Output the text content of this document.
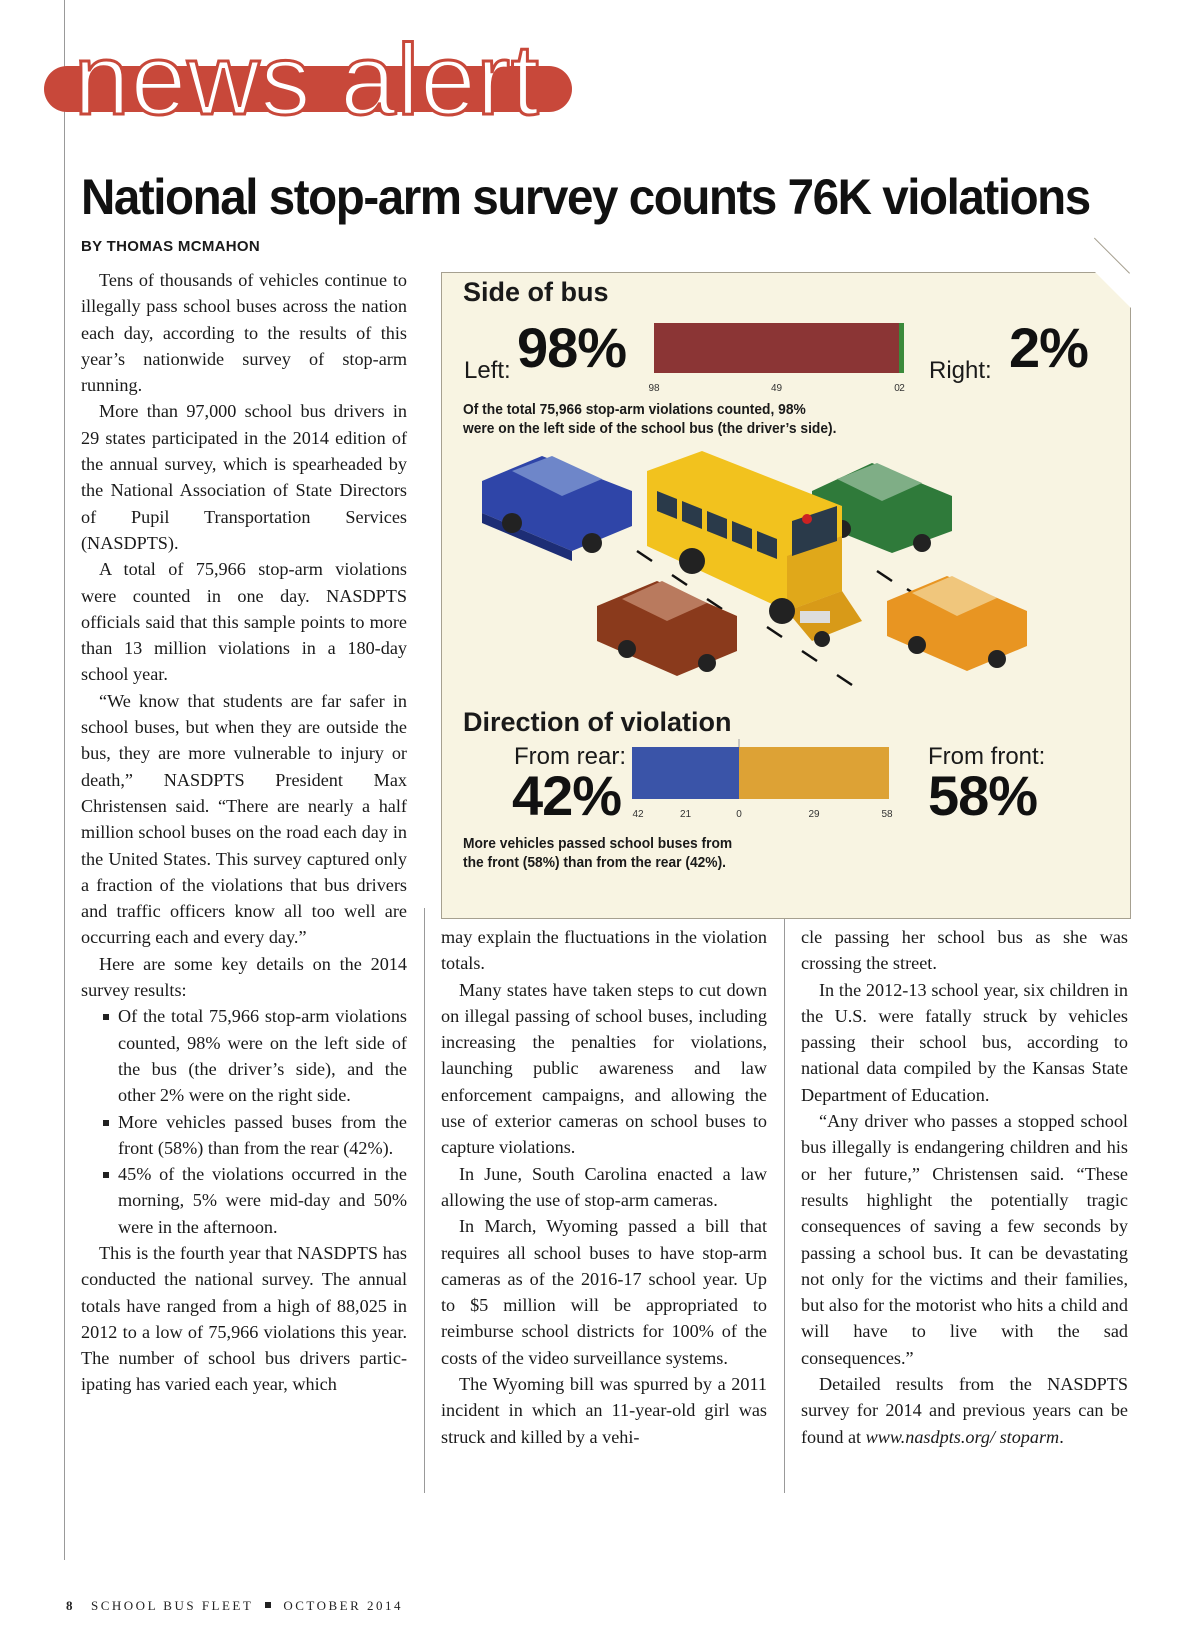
news alert
National stop-arm survey counts 76K violations
BY THOMAS MCMAHON

Tens of thousands of vehicles continue to illegally pass school buses across the nation each day, according to the results of this year’s nationwide survey of stop-arm running.

More than 97,000 school bus drivers in 29 states participated in the 2014 edition of the annual survey, which is spearheaded by the National Association of State Directors of Pupil Transportation Services (NASDPTS).

A total of 75,966 stop-arm violations were counted in one day. NASDPTS officials said that this sample points to more than 13 million violations in a 180-day school year.

“We know that students are far safer in school buses, but when they are outside the bus, they are more vulnerable to injury or death,” NASDPTS President Max Christensen said. “There are nearly a half million school buses on the road each day in the United States. This survey captured only a fraction of the violations that bus drivers and traffic officers know all too well are occurring each and every day.”

Here are some key details on the 2014 survey results:

Of the total 75,966 stop-arm violations counted, 98% were on the left side of the bus (the driver’s side), and the other 2% were on the right side.
More vehicles passed buses from the front (58%) than from the rear (42%).
45% of the violations occurred in the morning, 5% were mid-day and 50% were in the afternoon.

This is the fourth year that NASDPTS has conducted the national survey. The annual totals have ranged from a high of 88,025 in 2012 to a low of 75,966 violations this year. The number of school bus drivers participating has varied each year, which

Side of bus
Left: 98%	Right: 2%
98	49	0 2
Of the total 75,966 stop-arm violations counted, 98%
were on the left side of the school bus (the driver’s side).
Direction of violation
From rear:
42%
From front:
58%
42	21	0	29	58
More vehicles passed school buses from
the front (58%) than from the rear (42%).

may explain the fluctuations in the violation totals.

Many states have taken steps to cut down on illegal passing of school buses, including increasing the penalties for violations, launching public awareness and law enforcement campaigns, and allowing the use of exterior cameras on school buses to capture violations.

In June, South Carolina enacted a law allowing the use of stop-arm cameras.

In March, Wyoming passed a bill that requires all school buses to have stop-arm cameras as of the 2016-17 school year. Up to $5 million will be appropriated to reimburse school districts for 100% of the costs of the video surveillance systems.

The Wyoming bill was spurred by a 2011 incident in which an 11-year-old girl was struck and killed by a vehi-

cle passing her school bus as she was crossing the street.

In the 2012-13 school year, six children in the U.S. were fatally struck by vehicles passing their school bus, according to national data compiled by the Kansas State Department of Education.

“Any driver who passes a stopped school bus illegally is endangering children and his or her future,” Christensen said. “These results highlight the potentially tragic consequences of saving a few seconds by passing a school bus. It can be devastating not only for the victims and their families, but also for the motorist who hits a child and will have to live with the sad consequences.”

Detailed results from the NASDPTS survey for 2014 and previous years can be found at www.nasdpts.org/ stoparm.

8 SCHOOL BUS FLEET OCTOBER 2014
